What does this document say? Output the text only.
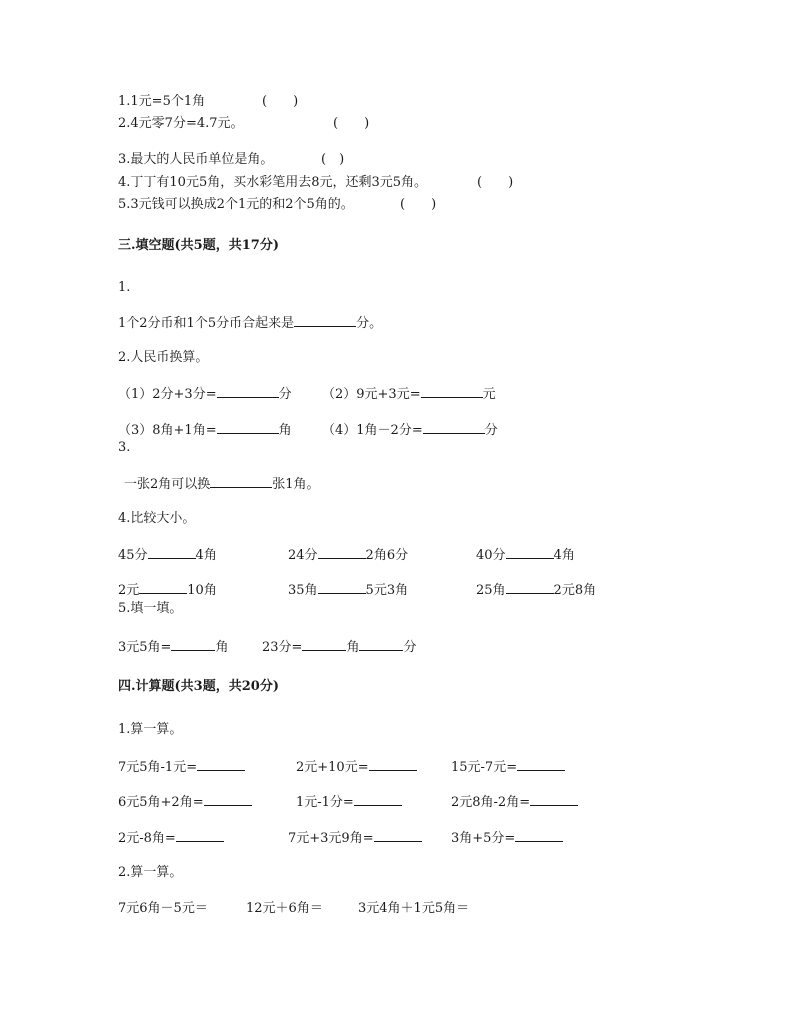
1.1元=5个1角	(　　)
2.4元零7分=4.7元。	(　　)
3.最大的人民币单位是角。	(　)
4.丁丁有10元5角，买水彩笔用去8元，还剩3元5角。	(　　)
5.3元钱可以换成2个1元的和2个5角的。	(　　)
三.填空题(共5题，共17分)
1.
1个2分币和1个5分币合起来是	分。
2.人民币换算。
（1）2分+3分=	分 （2）9元+3元=	元
（3）8角+1角=	角 （4）1角－2分=	分
3.
一张2角可以换	张1角。
4.比较大小。
45分	4角	24分	2角6分	40分	4角
2元	10角	35角	5元3角	25角	2元8角
5.填一填。
3元5角=	角	23分=	角	分
四.计算题(共3题，共20分)
1.算一算。
7元5角-1元=	2元+10元=	15元-7元=
6元5角+2角=	1元-1分=	2元8角-2角=
2元-8角=	7元+3元9角=	3角+5分=
2.算一算。
7元6角－5元＝	12元＋6角＝	3元4角＋1元5角＝
